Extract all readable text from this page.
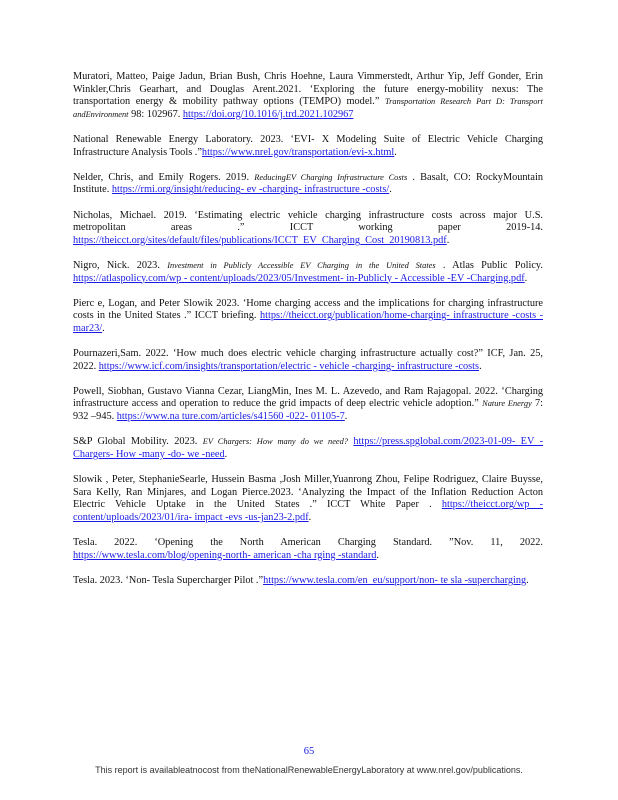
Muratori, Matteo, Paige Jadun, Brian Bush, Chris Hoehne, Laura Vimmerstedt, Arthur Yip, Jeff Gonder, Erin Winkler,Chris Gearhart, and Douglas Arent.2021. ‘Exploring the future energy-mobility nexus: The transportation energy & mobility pathway options (TEMPO) model.” Transportation Research Part D: Transport andEnvironment 98: 102967. https://doi.org/10.1016/j.trd.2021.102967

National Renewable Energy Laboratory. 2023. ‘EVI- X Modeling Suite of Electric Vehicle Charging Infrastructure Analysis Tools .”https://www.nrel.gov/transportation/evi-x.html.

Nelder, Chris, and Emily Rogers. 2019. ReducingEV Charging Infrastructure Costs . Basalt, CO: RockyMountain Institute. https://rmi.org/insight/reducing- ev -charging- infrastructure -costs/.

Nicholas, Michael. 2019. ‘Estimating electric vehicle charging infrastructure costs across major U.S. metropolitan areas .” ICCT working paper 2019-14. https://theicct.org/sites/default/files/publications/ICCT_EV_Charging_Cost_20190813.pdf.

Nigro, Nick. 2023. Investment in Publicly Accessible EV Charging in the United States . Atlas Public Policy. https://atlaspolicy.com/wp - content/uploads/2023/05/Investment- in-Publicly - Accessible -EV -Charging.pdf.

Pierc e, Logan, and Peter Slowik 2023. ‘Home charging access and the implications for charging infrastructure costs in the United States .” ICCT briefing. https://theicct.org/publication/home-charging- infrastructure -costs -mar23/.

Pournazeri,Sam. 2022. ‘How much does electric vehicle charging infrastructure actually cost?” ICF, Jan. 25, 2022. https://www.icf.com/insights/transportation/electric - vehicle -charging- infrastructure -costs.

Powell, Siobhan, Gustavo Vianna Cezar, LiangMin, Ines M. L. Azevedo, and Ram Rajagopal. 2022. ‘Charging infrastructure access and operation to reduce the grid impacts of deep electric vehicle adoption.” Nature Energy 7: 932 –945. https://www.na ture.com/articles/s41560 -022- 01105-7.

S&P Global Mobility. 2023. EV Chargers: How many do we need? https://press.spglobal.com/2023-01-09- EV -Chargers- How -many -do- we -need.

Slowik , Peter, StephanieSearle, Hussein Basma ,Josh Miller,Yuanrong Zhou, Felipe Rodriguez, Claire Buysse, Sara Kelly, Ran Minjares, and Logan Pierce.2023. ‘Analyzing the Impact of the Inflation Reduction Acton Electric Vehicle Uptake in the United States .” ICCT White Paper . https://theicct.org/wp -content/uploads/2023/01/ira- impact -evs -us-jan23-2.pdf.

Tesla. 2022. ‘Opening the North American Charging Standard. ”Nov. 11, 2022. https://www.tesla.com/blog/opening-north- american -cha rging -standard.

Tesla. 2023. ‘Non- Tesla Supercharger Pilot .”https://www.tesla.com/en_eu/support/non- te sla -supercharging.

65
This report is availableatnocost from theNationalRenewableEnergyLaboratory at www.nrel.gov/publications.
